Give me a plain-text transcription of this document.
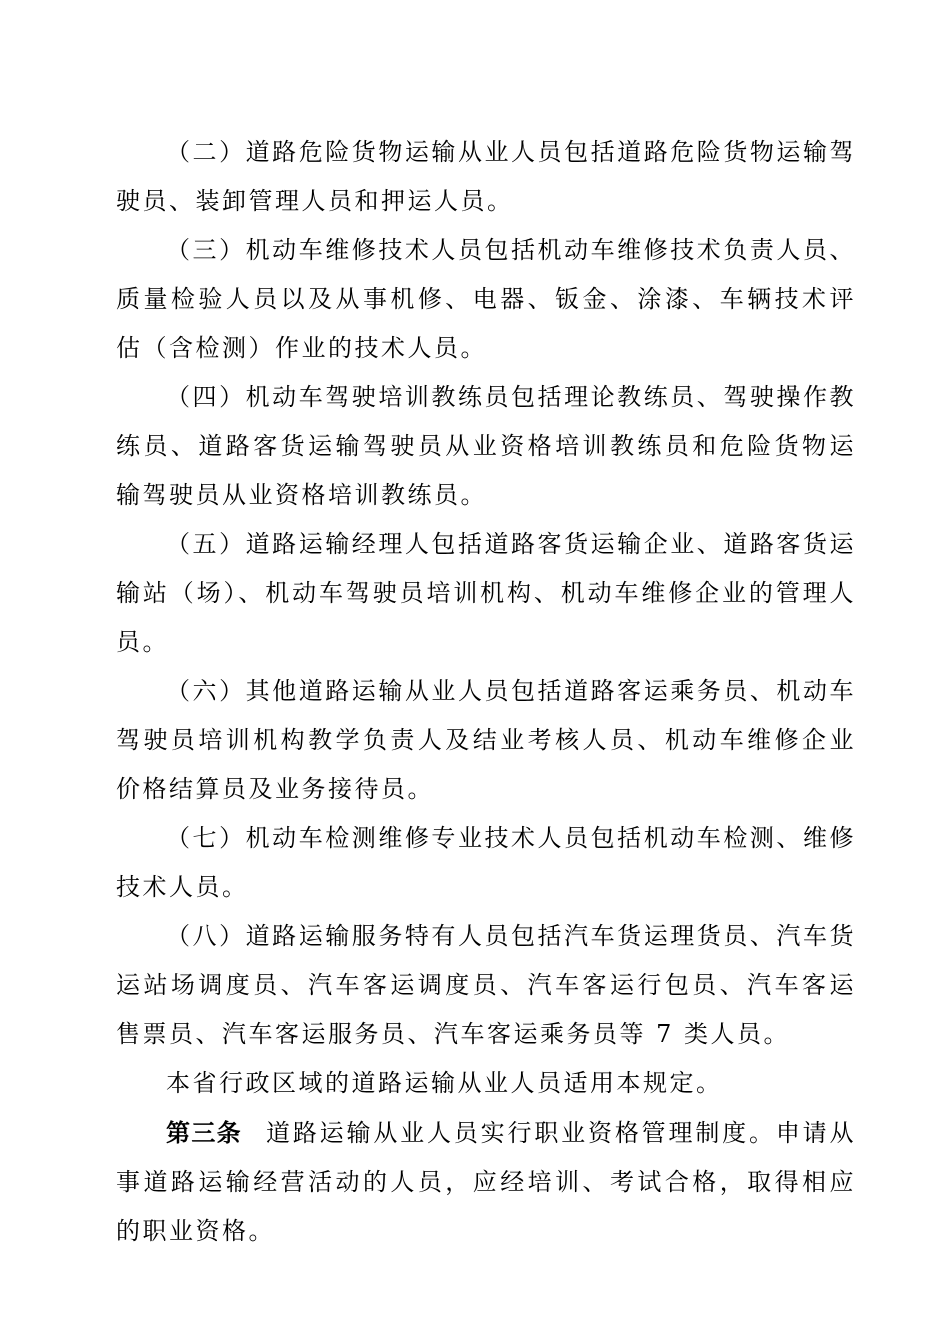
（二）道路危险货物运输从业人员包括道路危险货物运输驾驶员、装卸管理人员和押运人员。

（三）机动车维修技术人员包括机动车维修技术负责人员、质量检验人员以及从事机修、电器、钣金、涂漆、车辆技术评估（含检测）作业的技术人员。

（四）机动车驾驶培训教练员包括理论教练员、驾驶操作教练员、道路客货运输驾驶员从业资格培训教练员和危险货物运输驾驶员从业资格培训教练员。

（五）道路运输经理人包括道路客货运输企业、道路客货运输站（场）、机动车驾驶员培训机构、机动车维修企业的管理人员。

（六）其他道路运输从业人员包括道路客运乘务员、机动车驾驶员培训机构教学负责人及结业考核人员、机动车维修企业价格结算员及业务接待员。

（七）机动车检测维修专业技术人员包括机动车检测、维修技术人员。

（八）道路运输服务特有人员包括汽车货运理货员、汽车货运站场调度员、汽车客运调度员、汽车客运行包员、汽车客运售票员、汽车客运服务员、汽车客运乘务员等 7 类人员。

本省行政区域的道路运输从业人员适用本规定。

第三条 道路运输从业人员实行职业资格管理制度。申请从事道路运输经营活动的人员，应经培训、考试合格，取得相应的职业资格。
